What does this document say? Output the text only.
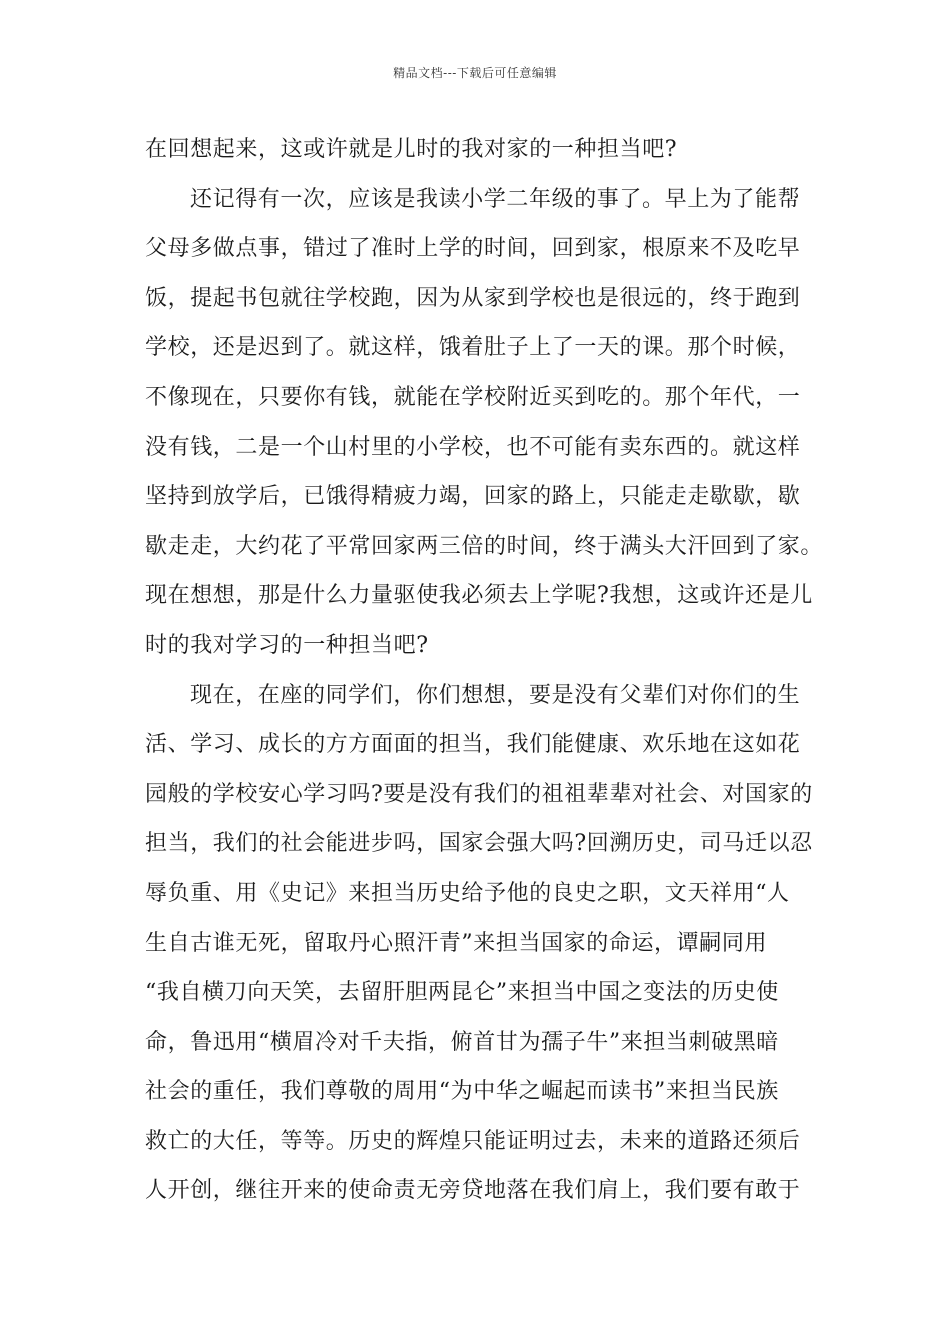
精品文档---下载后可任意编辑
在回想起来，这或许就是儿时的我对家的一种担当吧?
还记得有一次，应该是我读小学二年级的事了。早上为了能帮
父母多做点事，错过了准时上学的时间，回到家，根原来不及吃早
饭，提起书包就往学校跑，因为从家到学校也是很远的，终于跑到
学校，还是迟到了。就这样，饿着肚子上了一天的课。那个时候，
不像现在，只要你有钱，就能在学校附近买到吃的。那个年代，一
没有钱，二是一个山村里的小学校，也不可能有卖东西的。就这样
坚持到放学后，已饿得精疲力竭，回家的路上，只能走走歇歇，歇
歇走走，大约花了平常回家两三倍的时间，终于满头大汗回到了家。
现在想想，那是什么力量驱使我必须去上学呢?我想，这或许还是儿
时的我对学习的一种担当吧?
现在，在座的同学们，你们想想，要是没有父辈们对你们的生
活、学习、成长的方方面面的担当，我们能健康、欢乐地在这如花
园般的学校安心学习吗?要是没有我们的祖祖辈辈对社会、对国家的
担当，我们的社会能进步吗，国家会强大吗?回溯历史，司马迁以忍
辱负重、用《史记》来担当历史给予他的良史之职，文天祥用“人
生自古谁无死，留取丹心照汗青”来担当国家的命运，谭嗣同用
“我自横刀向天笑，去留肝胆两昆仑”来担当中国之变法的历史使
命，鲁迅用“横眉冷对千夫指，俯首甘为孺子牛”来担当刺破黑暗
社会的重任，我们尊敬的周用“为中华之崛起而读书”来担当民族
救亡的大任，等等。历史的辉煌只能证明过去，未来的道路还须后
人开创，继往开来的使命责无旁贷地落在我们肩上，我们要有敢于
